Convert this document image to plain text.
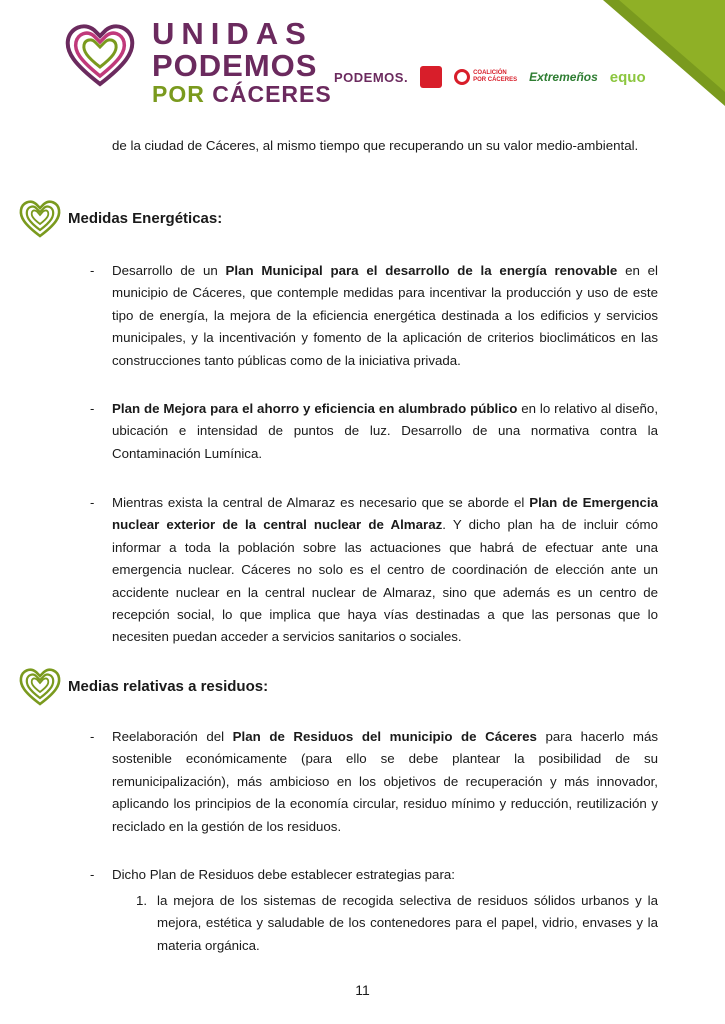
UNIDAS
PODEMOS
POR CÁCERES
PODEMOS.	COALICIÓN POR CÁCERES Extremeños equo
de la ciudad de Cáceres, al mismo tiempo que recuperando un su valor medio-ambiental.
Medidas Energéticas:
- Desarrollo de un Plan Municipal para el desarrollo de la energía renovable en el municipio de Cáceres, que contemple medidas para incentivar la producción y uso de este tipo de energía, la mejora de la eficiencia energética destinada a los edificios y servicios municipales, y la incentivación y fomento de la aplicación de criterios bioclimáticos en las construcciones tanto públicas como de la iniciativa privada.
- Plan de Mejora para el ahorro y eficiencia en alumbrado público en lo relativo al diseño, ubicación e intensidad de puntos de luz. Desarrollo de una normativa contra la Contaminación Lumínica.
- Mientras exista la central de Almaraz es necesario que se aborde el Plan de Emergencia nuclear exterior de la central nuclear de Almaraz. Y dicho plan ha de incluir cómo informar a toda la población sobre las actuaciones que habrá de efectuar ante una emergencia nuclear. Cáceres no solo es el centro de coordinación de elección ante un accidente nuclear en la central nuclear de Almaraz, sino que además es un centro de recepción social, lo que implica que haya vías destinadas a que las personas que lo necesiten puedan acceder a servicios sanitarios o sociales.
Medias relativas a residuos:
- Reelaboración del Plan de Residuos del municipio de Cáceres para hacerlo más sostenible económicamente (para ello se debe plantear la posibilidad de su remunicipalización), más ambicioso en los objetivos de recuperación y más innovador, aplicando los principios de la economía circular, residuo mínimo y reducción, reutilización y reciclado en la gestión de los residuos.
- Dicho Plan de Residuos debe establecer estrategias para:
1. la mejora de los sistemas de recogida selectiva de residuos sólidos urbanos y la mejora, estética y saludable de los contenedores para el papel, vidrio, envases y la materia orgánica.
11
